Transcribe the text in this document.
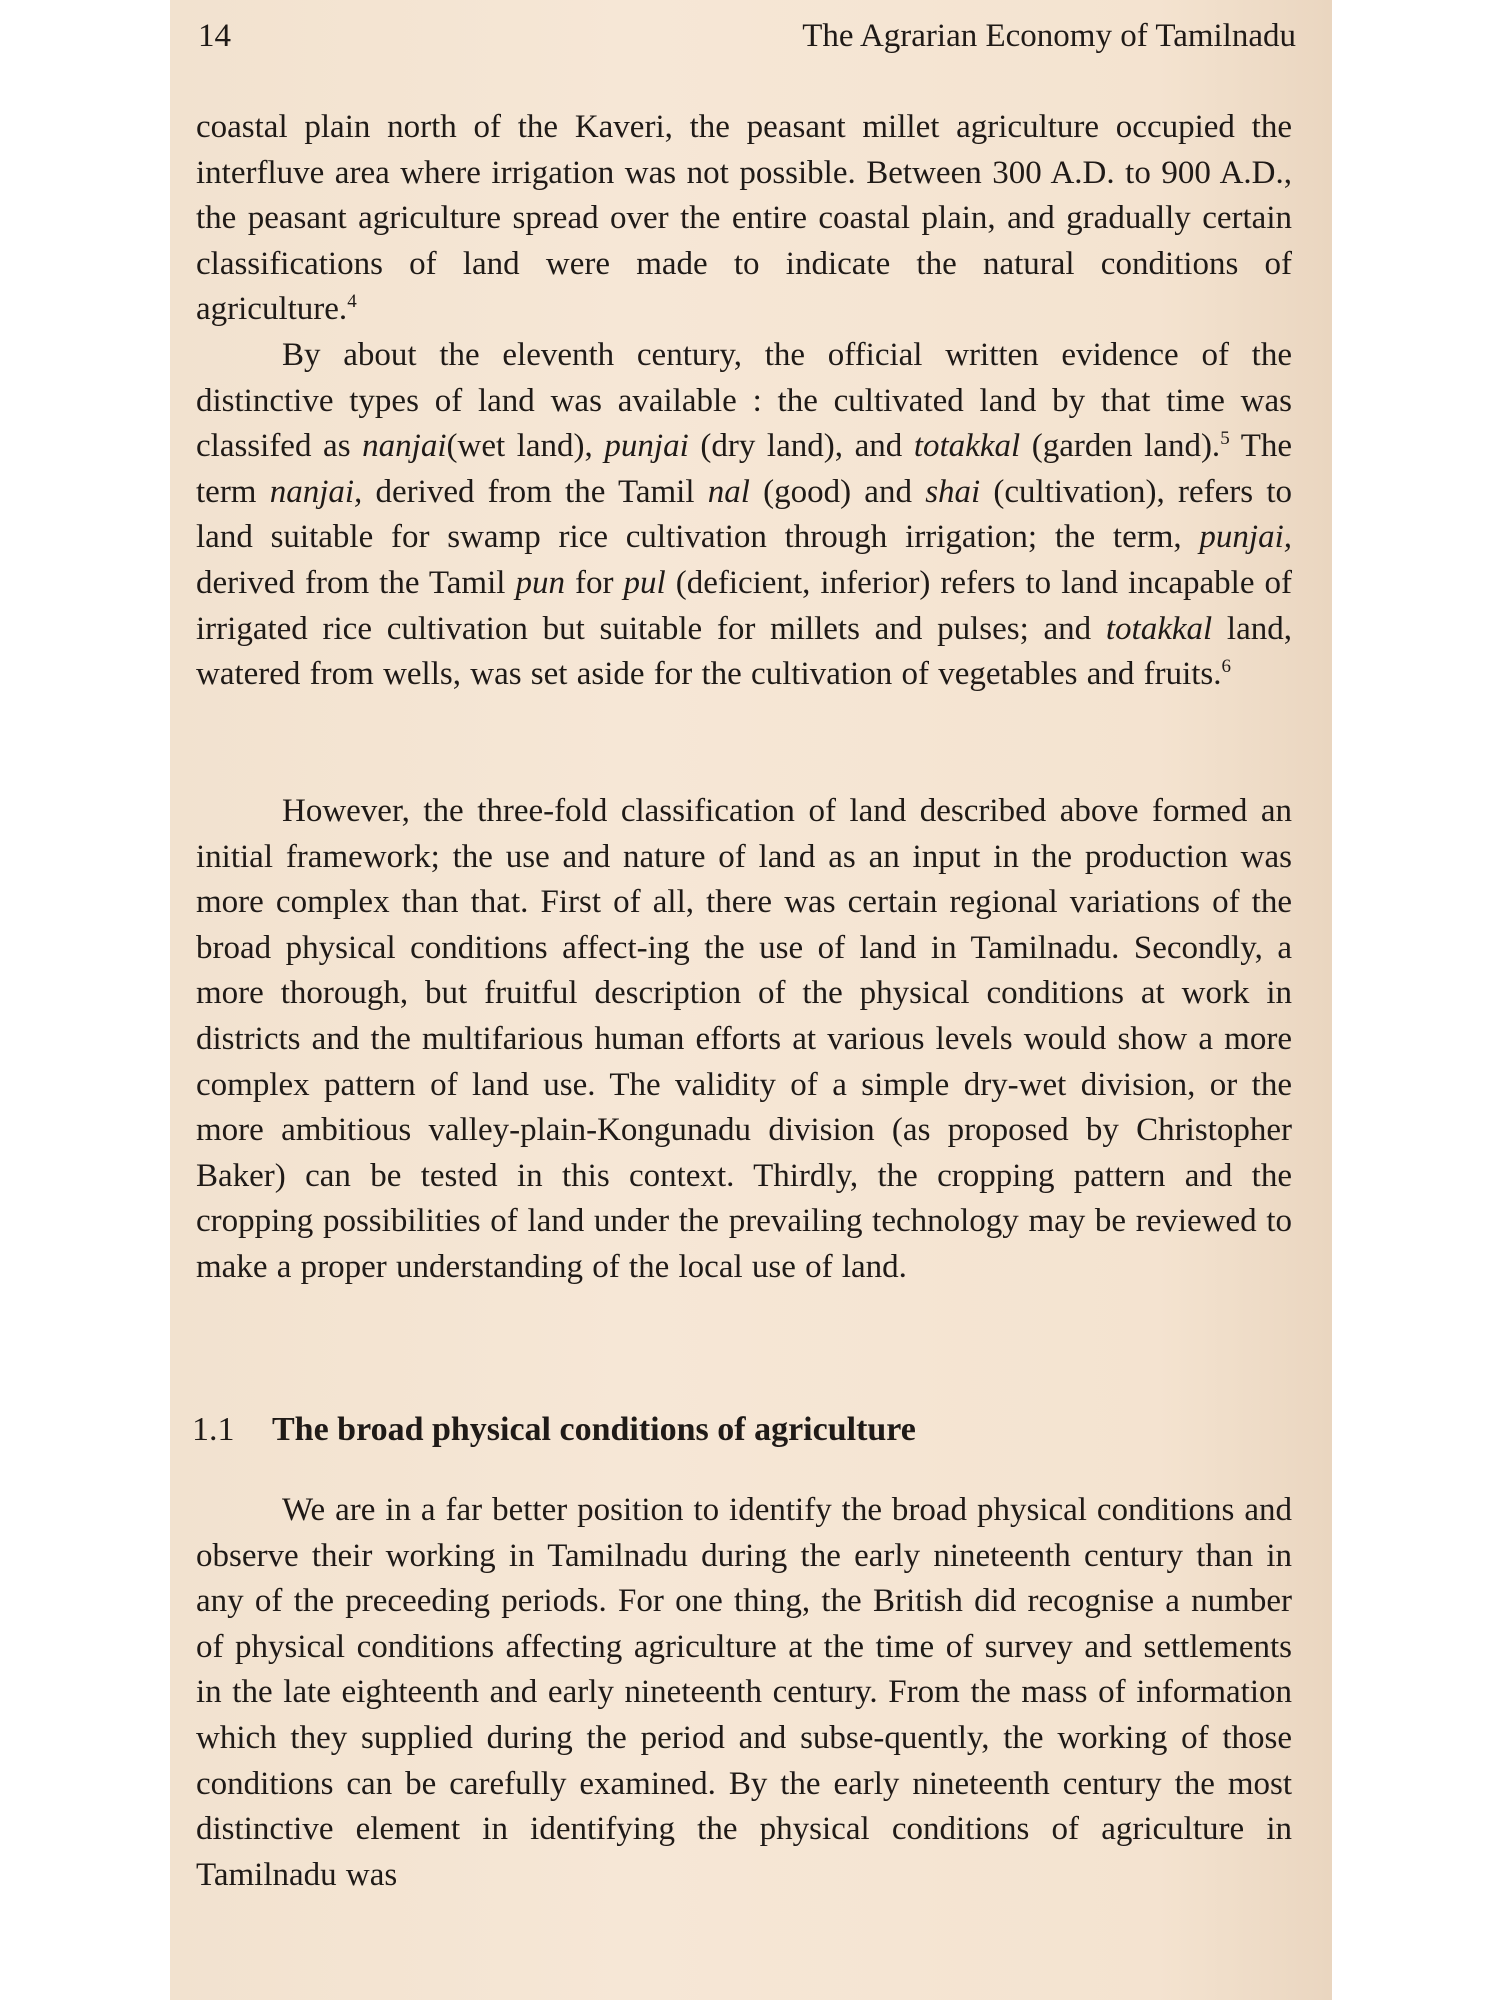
14	The Agrarian Economy of Tamilnadu

coastal plain north of the Kaveri, the peasant millet agriculture occupied the interfluve area where irrigation was not possible. Between 300 A.D. to 900 A.D., the peasant agriculture spread over the entire coastal plain, and gradually certain classifications of land were made to indicate the natural conditions of agriculture.$^4$

By about the eleventh century, the official written evidence of the distinctive types of land was available : the cultivated land by that time was classifed as nanjai(wet land), punjai (dry land), and totakkal (garden land).$^5$ The term nanjai, derived from the Tamil nal (good) and shai (cultivation), refers to land suitable for swamp rice cultivation through irrigation; the term, punjai, derived from the Tamil pun for pul (deficient, inferior) refers to land incapable of irrigated rice cultivation but suitable for millets and pulses; and totakkal land, watered from wells, was set aside for the cultivation of vegetables and fruits.$^6$

However, the three-fold classification of land described above formed an initial framework; the use and nature of land as an input in the production was more complex than that. First of all, there was certain regional variations of the broad physical conditions affect-ing the use of land in Tamilnadu. Secondly, a more thorough, but fruitful description of the physical conditions at work in districts and the multifarious human efforts at various levels would show a more complex pattern of land use. The validity of a simple dry-wet division, or the more ambitious valley-plain-Kongunadu division (as proposed by Christopher Baker) can be tested in this context. Thirdly, the cropping pattern and the cropping possibilities of land under the prevailing technology may be reviewed to make a proper understanding of the local use of land.

1.1 The broad physical conditions of agriculture

We are in a far better position to identify the broad physical conditions and observe their working in Tamilnadu during the early nineteenth century than in any of the preceeding periods. For one thing, the British did recognise a number of physical conditions affecting agriculture at the time of survey and settlements in the late eighteenth and early nineteenth century. From the mass of information which they supplied during the period and subse-quently, the working of those conditions can be carefully examined. By the early nineteenth century the most distinctive element in identifying the physical conditions of agriculture in Tamilnadu was
